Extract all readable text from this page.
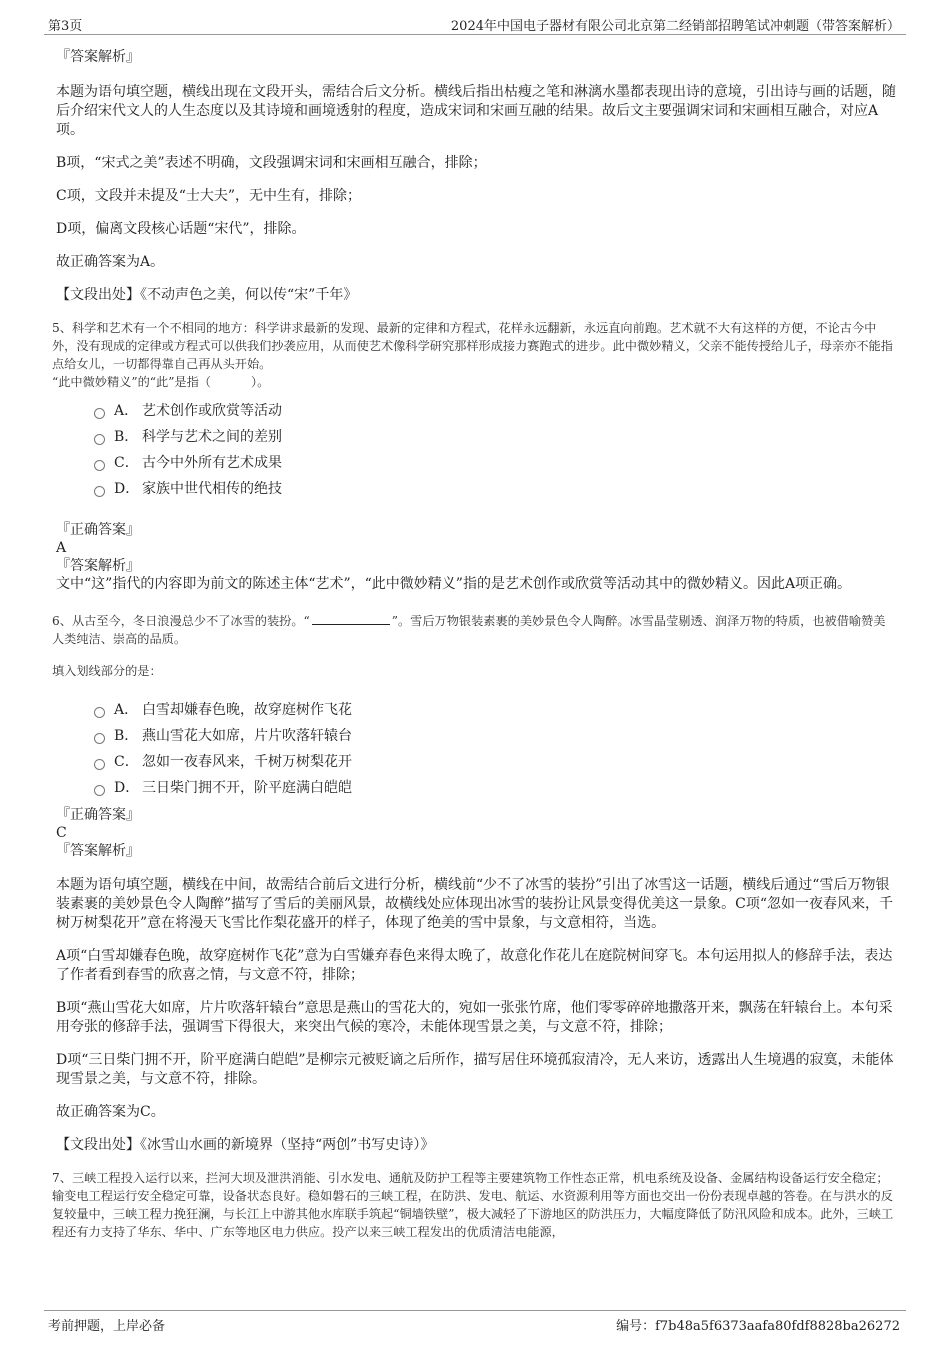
第3页	2024年中国电子器材有限公司北京第二经销部招聘笔试冲刺题（带答案解析）
『答案解析』

本题为语句填空题，横线出现在文段开头，需结合后文分析。横线后指出枯瘦之笔和淋漓水墨都表现出诗的意境，引出诗与画的话题，随后介绍宋代文人的人生态度以及其诗境和画境透射的程度，造成宋词和宋画互融的结果。故后文主要强调宋词和宋画相互融合，对应A项。

B项，“宋式之美”表述不明确，文段强调宋词和宋画相互融合，排除；

C项，文段并未提及“士大夫”，无中生有，排除；

D项，偏离文段核心话题“宋代”，排除。

故正确答案为A。

【文段出处】《不动声色之美，何以传“宋”千年》

5、科学和艺术有一个不相同的地方：科学讲求最新的发现、最新的定律和方程式，花样永远翻新，永远直向前跑。艺术就不大有这样的方便，不论古今中外，没有现成的定律或方程式可以供我们抄袭应用，从而使艺术像科学研究那样形成接力赛跑式的进步。此中微妙精义，父亲不能传授给儿子，母亲亦不能指点给女儿，一切都得靠自己再从头开始。
“此中微妙精义”的“此”是指（	）。
A． 艺术创作或欣赏等活动
B． 科学与艺术之间的差别
C． 古今中外所有艺术成果
D． 家族中世代相传的绝技
『正确答案』
A
『答案解析』

文中“这”指代的内容即为前文的陈述主体“艺术”，“此中微妙精义”指的是艺术创作或欣赏等活动其中的微妙精义。因此A项正确。

6、从古至今，冬日浪漫总少不了冰雪的装扮。“	”。雪后万物银装素裹的美妙景色令人陶醉。冰雪晶莹剔透、润泽万物的特质，也被借喻赞美人类纯洁、崇高的品质。
填入划线部分的是：
A． 白雪却嫌春色晚，故穿庭树作飞花
B． 燕山雪花大如席，片片吹落轩辕台
C． 忽如一夜春风来，千树万树梨花开
D． 三日柴门拥不开，阶平庭满白皑皑
『正确答案』
C
『答案解析』

本题为语句填空题，横线在中间，故需结合前后文进行分析，横线前“少不了冰雪的装扮”引出了冰雪这一话题，横线后通过“雪后万物银装素裹的美妙景色令人陶醉”描写了雪后的美丽风景，故横线处应体现出冰雪的装扮让风景变得优美这一景象。C项“忽如一夜春风来，千树万树梨花开”意在将漫天飞雪比作梨花盛开的样子，体现了绝美的雪中景象，与文意相符，当选。

A项“白雪却嫌春色晚，故穿庭树作飞花”意为白雪嫌弃春色来得太晚了，故意化作花儿在庭院树间穿飞。本句运用拟人的修辞手法，表达了作者看到春雪的欣喜之情，与文意不符，排除；

B项“燕山雪花大如席，片片吹落轩辕台”意思是燕山的雪花大的，宛如一张张竹席，他们零零碎碎地撒落开来，飘荡在轩辕台上。本句采用夸张的修辞手法，强调雪下得很大，来突出气候的寒冷，未能体现雪景之美，与文意不符，排除；

D项“三日柴门拥不开，阶平庭满白皑皑”是柳宗元被贬谪之后所作，描写居住环境孤寂清冷，无人来访，透露出人生境遇的寂寞，未能体现雪景之美，与文意不符，排除。

故正确答案为C。

【文段出处】《冰雪山水画的新境界（坚持“两创”书写史诗）》

7、三峡工程投入运行以来，拦河大坝及泄洪消能、引水发电、通航及防护工程等主要建筑物工作性态正常，机电系统及设备、金属结构设备运行安全稳定；输变电工程运行安全稳定可靠，设备状态良好。稳如磐石的三峡工程，在防洪、发电、航运、水资源利用等方面也交出一份份表现卓越的答卷。在与洪水的反复较量中，三峡工程力挽狂澜，与长江上中游其他水库联手筑起“铜墙铁壁”，极大减轻了下游地区的防洪压力，大幅度降低了防汛风险和成本。此外，三峡工程还有力支持了华东、华中、广东等地区电力供应。投产以来三峡工程发出的优质清洁电能源，
考前押题，上岸必备	编号：f7b48a5f6373aafa80fdf8828ba26272
